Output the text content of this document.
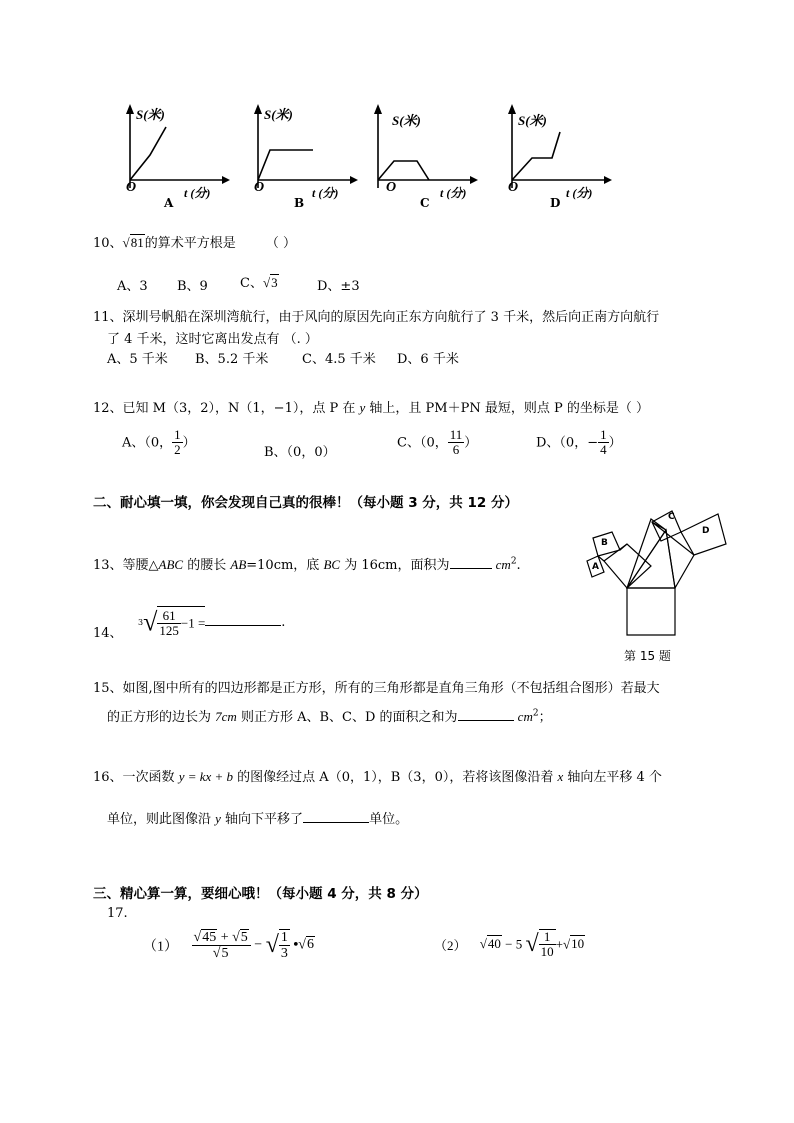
S(米)
O	t (分)
A
S(米)
O	t (分)
B
S(米)
O	t (分)
C
S(米)
O	t (分)
D
10、√81的算术平方根是 （ ）
A、3 B、9 C、√3	D、±3
11、深圳号帆船在深圳湾航行，由于风向的原因先向正东方向航行了 3 千米，然后向正南方向航行
了 4 千米，这时它离出发点有 （. ）
A、5 千米 B、5.2 千米	C、4.5 千米 D、6 千米
12、已知 M（3，2），N（1，−1），点 P 在 y 轴上，且 PM＋PN 最短，则点 P 的坐标是（ ）
A、（0， $\frac{1}{2}$ ）
B、（0，0）
C、（0， $\frac{11}{6}$ ）	D、（0，− $\frac{1}{4}$ ）
二、耐心填一填，你会发现自己真的很棒！（每小题 3 分，共 12 分）
13、等腰△ABC 的腰长 AB=10cm，底 BC 为 16cm，面积为	$cm^2$.
14、
$3√ \frac{61}{125} -1$ =	.
A
B
C
D
第 15 题
15、如图,图中所有的四边形都是正方形，所有的三角形都是直角三角形（不包括组合图形）若最大
的正方形的边长为 7cm 则正方形 A、B、C、D 的面积之和为	$cm^2$；
16、一次函数 y = kx + b 的图像经过点 A（0，1），B（3，0），若将该图像沿着 x 轴向左平移 4 个
单位，则此图像沿 y 轴向下平移了	单位。
三、精心算一算，要细心哦！（每小题 4 分，共 8 分）
17.
$(1) \frac{√45 + √5}{√5}$ − √ $\frac{1}{3}$ •√6	（2） √40 − 5 √ $\frac{1}{10} +√10$
